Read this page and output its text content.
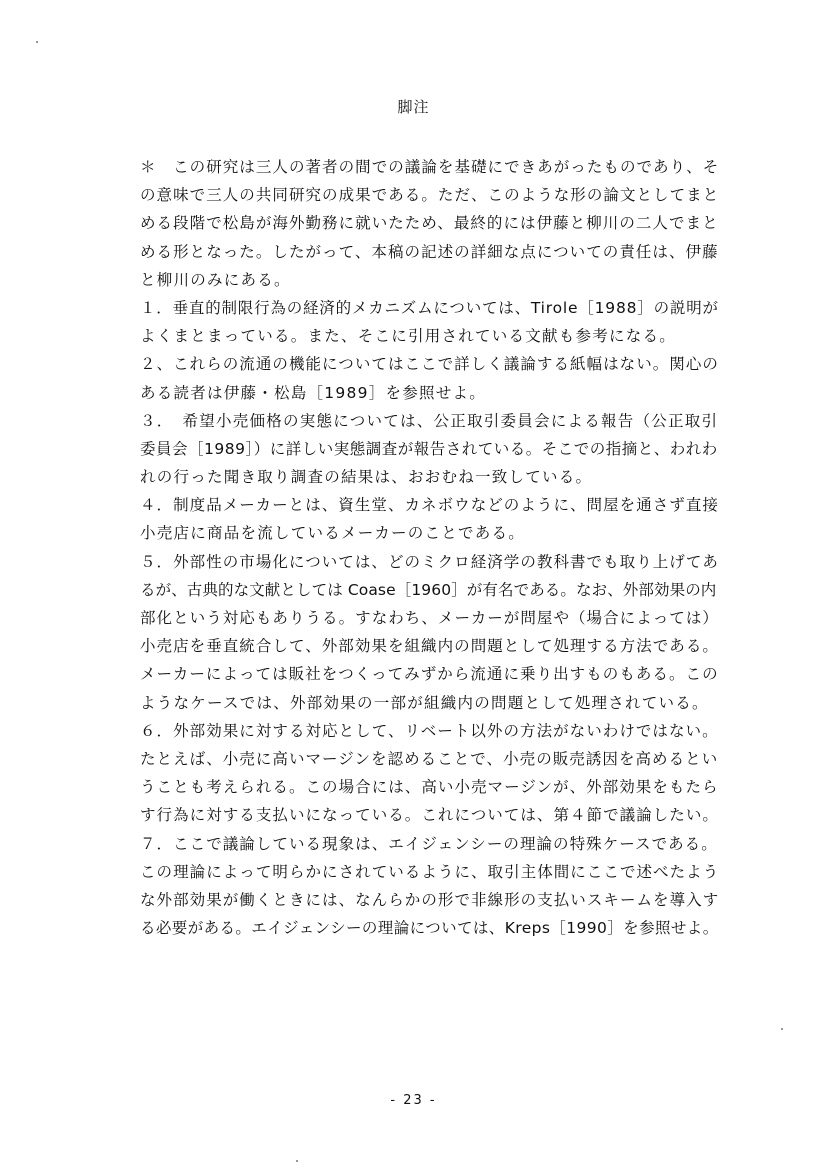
脚注
＊　この研究は三人の著者の間での議論を基礎にできあがったものであり、そ
の意味で三人の共同研究の成果である。ただ、このような形の論文としてまと
める段階で松島が海外勤務に就いたため、最終的には伊藤と柳川の二人でまと
める形となった。したがって、本稿の記述の詳細な点についての責任は、伊藤
と柳川のみにある。
１．垂直的制限行為の経済的メカニズムについては、Tirole［1988］の説明が
よくまとまっている。また、そこに引用されている文献も参考になる。
２、これらの流通の機能についてはここで詳しく議論する紙幅はない。関心の
ある読者は伊藤・松島［1989］を参照せよ。
３．　希望小売価格の実態については、公正取引委員会による報告（公正取引
委員会［1989］）に詳しい実態調査が報告されている。そこでの指摘と、われわ
れの行った聞き取り調査の結果は、おおむね一致している。
４．制度品メーカーとは、資生堂、カネボウなどのように、問屋を通さず直接
小売店に商品を流しているメーカーのことである。
５．外部性の市場化については、どのミクロ経済学の教科書でも取り上げてあ
るが、古典的な文献としては Coase［1960］が有名である。なお、外部効果の内
部化という対応もありうる。すなわち、メーカーが問屋や（場合によっては）
小売店を垂直統合して、外部効果を組織内の問題として処理する方法である。
メーカーによっては販社をつくってみずから流通に乗り出すものもある。この
ようなケースでは、外部効果の一部が組織内の問題として処理されている。
６．外部効果に対する対応として、リベート以外の方法がないわけではない。
たとえば、小売に高いマージンを認めることで、小売の販売誘因を高めるとい
うことも考えられる。この場合には、高い小売マージンが、外部効果をもたら
す行為に対する支払いになっている。これについては、第４節で議論したい。
７．ここで議論している現象は、エイジェンシーの理論の特殊ケースである。
この理論によって明らかにされているように、取引主体間にここで述べたよう
な外部効果が働くときには、なんらかの形で非線形の支払いスキームを導入す
る必要がある。エイジェンシーの理論については、Kreps［1990］を参照せよ。
- 23 -
